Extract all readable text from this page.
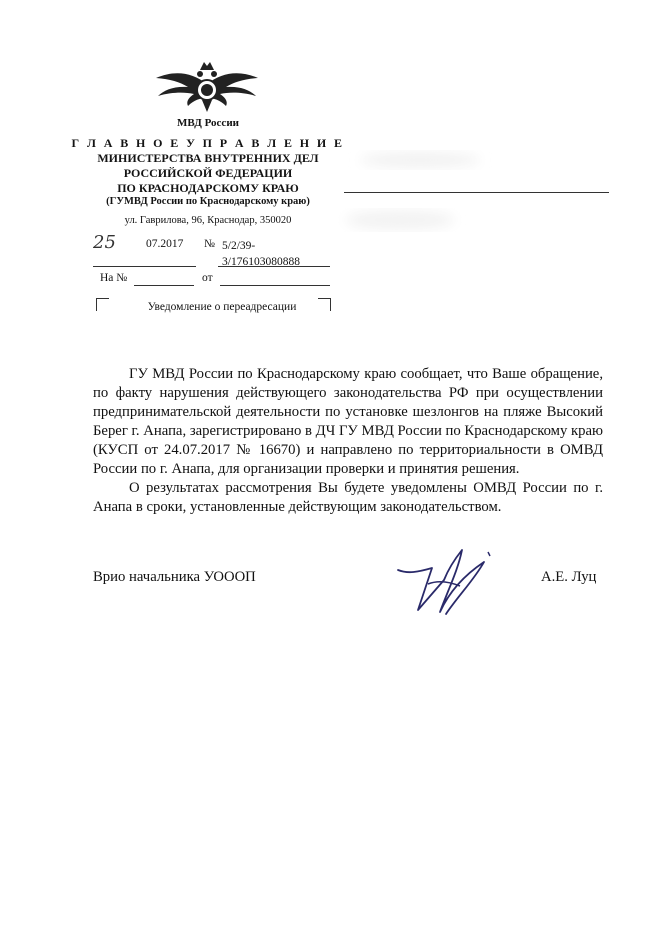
МВД России
Г Л А В Н О Е У П Р А В Л Е Н И Е
МИНИСТЕРСТВА ВНУТРЕННИХ ДЕЛ
РОССИЙСКОЙ ФЕДЕРАЦИИ
ПО КРАСНОДАРСКОМУ КРАЮ
(ГУМВД России по Краснодарскому краю)
ул. Гаврилова, 96, Краснодар, 350020
25	07.2017 № 5/2/39-
3/176103080888
На №	от
Уведомление о переадресации

ГУ МВД России по Краснодарскому краю сообщает, что Ваше обращение, по факту нарушения действующего законодательства РФ при осуществлении предпринимательской деятельности по установке шезлонгов на пляже Высокий Берег г. Анапа, зарегистрировано в ДЧ ГУ МВД России по Краснодарскому краю (КУСП от 24.07.2017 № 16670) и направлено по территориальности в ОМВД России по г. Анапа, для организации проверки и принятия решения.

О результатах рассмотрения Вы будете уведомлены ОМВД России по г. Анапа в сроки, установленные действующим законодательством.

Врио начальника УОООП	А.Е. Луц
